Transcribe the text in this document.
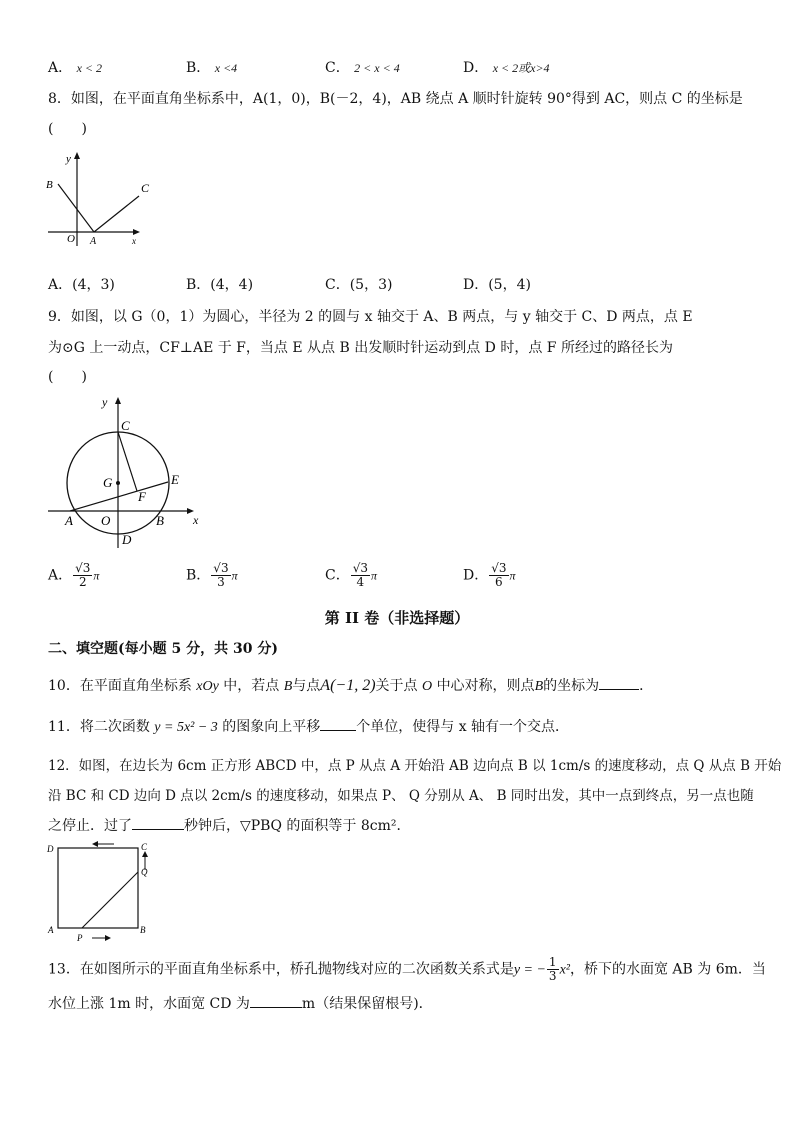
A． x < 2	B． x <4	C． 2 < x < 4	D． x < 2或x>4
8．如图，在平面直角坐标系中，A(1，0)，B(－2，4)，AB 绕点 A 顺时针旋转 90°得到 AC，则点 C 的坐标是
(　　)
y
B	C
O A	x
A．(4，3)	B．(4，4)	C．(5，3)	D．(5，4)
9．如图，以 G（0，1）为圆心，半径为 2 的圆与 x 轴交于 A、B 两点，与 y 轴交于 C、D 两点，点 E
为⊙G 上一动点，CF⊥AE 于 F，当点 E 从点 B 出发顺时针运动到点 D 时，点 F 所经过的路径长为
(　　)
y
C
G	E
F
A O	B x
D
A． $\frac{√3}{2}$ π	B． $\frac{√3}{3}$ π	C． $\frac{√3}{4}$ π	D． $\frac{√3}{6}$ π
第 II 卷（非选择题）
二、填空题(每小题 5 分，共 30 分)
10．在平面直角坐标系 xOy 中，若点 B与点A(−1, 2)关于点 O 中心对称，则点B的坐标为	．
11．将二次函数 y = 5x² − 3 的图象向上平移	个单位，使得与 x 轴有一个交点．
12．如图，在边长为 6cm 正方形 ABCD 中，点 P 从点 A 开始沿 AB 边向点 B 以 1cm/s 的速度移动，点 Q 从点 B 开始
沿 BC 和 CD 边向 D 点以 2cm/s 的速度移动，如果点 P、 Q 分别从 A、 B 同时出发，其中一点到终点，另一点也随
之停止．过了	秒钟后，▽PBQ 的面积等于 8cm²．
D	C
Q
A	B
P
13．在如图所示的平面直角坐标系中，桥孔抛物线对应的二次函数关系式是y = − $\frac{1}{3} x^2$，桥下的水面宽 AB 为 6m．当
水位上涨 1m 时，水面宽 CD 为	m（结果保留根号)．
